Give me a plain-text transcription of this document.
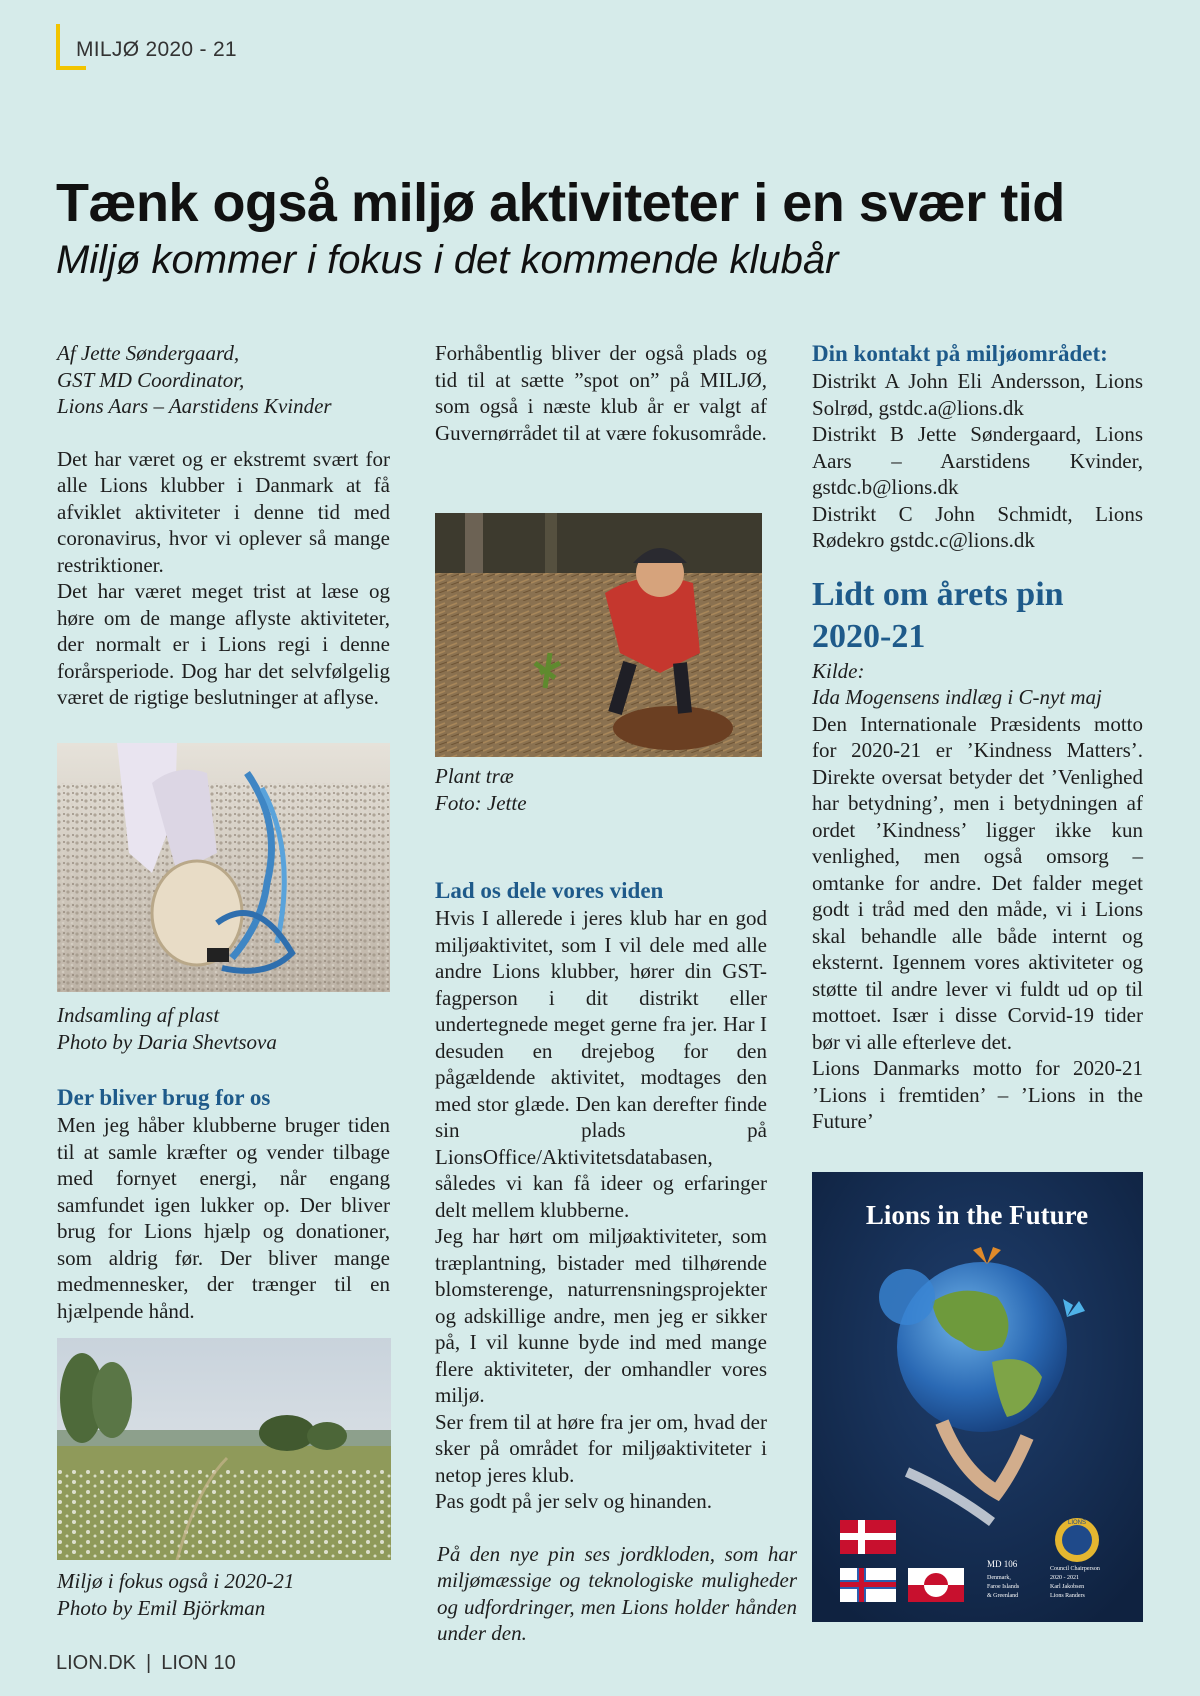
MILJØ 2020 - 21
Tænk også miljø aktiviteter i en svær tid
Miljø kommer i fokus i det kommende klubår

Af Jette Søndergaard,

GST MD Coordinator,

Lions Aars – Aarstidens Kvinder

Det har været og er ekstremt svært for alle Lions klubber i Danmark at få afviklet aktiviteter i denne tid med coronavirus, hvor vi oplever så mange restriktioner.

Det har været meget trist at læse og høre om de mange aflyste aktiviteter, der normalt er i Lions regi i denne forårsperiode. Dog har det selvfølgelig været de rigtige beslutninger at aflyse.

Indsamling af plast
Photo by Daria Shevtsova

Der bliver brug for os

Men jeg håber klubberne bruger tiden til at samle kræfter og vender tilbage med fornyet energi, når engang samfundet igen lukker op. Der bliver brug for Lions hjælp og donationer, som aldrig før. Der bliver mange medmennesker, der trænger til en hjælpende hånd.

Miljø i fokus også i 2020-21
Photo by Emil Björkman

Forhåbentlig bliver der også plads og tid til at sætte ”spot on” på MILJØ, som også i næste klub år er valgt af Guvernørrådet til at være fokusområde.

Plant træ
Foto: Jette

Lad os dele vores viden

Hvis I allerede i jeres klub har en god miljøaktivitet, som I vil dele med alle andre Lions klubber, hører din GST-fagperson i dit distrikt eller undertegnede meget gerne fra jer. Har I desuden en drejebog for den pågældende aktivitet, modtages den med stor glæde. Den kan derefter finde sin plads på LionsOffice/Aktivitetsdatabasen, således vi kan få ideer og erfaringer delt mellem klubberne.

Jeg har hørt om miljøaktiviteter, som træplantning, bistader med tilhørende blomsterenge, naturrensningsprojekter og adskillige andre, men jeg er sikker på, I vil kunne byde ind med mange flere aktiviteter, der omhandler vores miljø.

Ser frem til at høre fra jer om, hvad der sker på området for miljøaktiviteter i netop jeres klub.

Pas godt på jer selv og hinanden.

På den nye pin ses jordkloden, som har miljømæssige og teknologiske muligheder og udfordringer, men Lions holder hånden under den.

Din kontakt på miljøområdet:

Distrikt A John Eli Andersson, Lions Solrød, gstdc.a@lions.dk

Distrikt B Jette Søndergaard, Lions Aars – Aarstidens Kvinder, gstdc.b@lions.dk

Distrikt C John Schmidt, Lions Rødekro gstdc.c@lions.dk

Lidt om årets pin 2020-21

Kilde:

Ida Mogensens indlæg i C-nyt maj

Den Internationale Præsidents motto for 2020-21 er ’Kindness Matters’. Direkte oversat betyder det ’Venlighed har betydning’, men i betydningen af ordet ’Kindness’ ligger ikke kun venlighed, men også omsorg – omtanke for andre. Det falder meget godt i tråd med den måde, vi i Lions skal behandle alle både internt og eksternt. Igennem vores aktiviteter og støtte til andre lever vi fuldt ud op til mottoet. Især i disse Corvid-19 tider bør vi alle efterleve det.

Lions Danmarks motto for 2020-21 ’Lions i fremtiden’ – ’Lions in the Future’

Lions in the Future
LIONS
MD 106
Denmark,
Faroe Islands
& Greenland
Council Chairperson
2020 - 2021
Karl Jakobsen
Lions Randers
LION.DK | LION 10
